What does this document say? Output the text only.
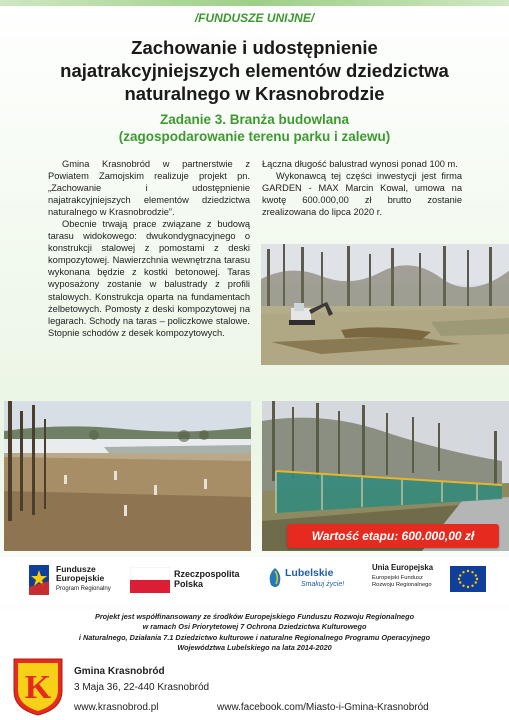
/FUNDUSZE UNIJNE/
Zachowanie i udostępnienie
najatrakcyjniejszych elementów dziedzictwa
naturalnego w Krasnobrodzie
Zadanie 3. Branża budowlana
(zagospodarowanie terenu parku i zalewu)

Gmina Krasnobród w partnerstwie z Powiatem Zamojskim realizuje projekt pn. „Zachowanie i udostępnienie najatrakcyjniejszych elementów dziedzictwa naturalnego w Krasnobrodzie”.

Obecnie trwają prace związane z budową tarasu widokowego: dwukondygnacyjnego o konstrukcji stalowej z pomostami z deski kompozytowej. Nawierzchnia wewnętrzna tarasu wykonana będzie z kostki betonowej. Taras wyposażony zostanie w balustrady z profili stalowych. Konstrukcja oparta na fundamentach żelbetowych. Pomosty z deski kompozytowej na legarach. Schody na taras – policzkowe stalowe. Stopnie schodów z desek kompozytowych.

Łączna długość balustrad wynosi ponad 100 m.

Wykonawcą tej części inwestycji jest firma GARDEN - MAX Marcin Kowal, umowa na kwotę 600.000,00 zł brutto zostanie zrealizowana do lipca 2020 r.

Wartość etapu: 600.000,00 zł
Fundusze
Europejskie
Program Regionalny
Rzeczpospolita
Polska
Lubelskie
Smakuj życie!
Unia Europejska
Europejski Fundusz
Rozwoju Regionalnego
Projekt jest współfinansowany ze środków Europejskiego Funduszu Rozwoju Regionalnego
w ramach Osi Priorytetowej 7 Ochrona Dziedzictwa Kulturowego
i Naturalnego, Działania 7.1 Dziedzictwo kulturowe i naturalne Regionalnego Programu Operacyjnego
Województwa Lubelskiego na lata 2014-2020
K Gmina Krasnobród
3 Maja 36, 22-440 Krasnobród
www.krasnobrod.pl	www.facebook.com/Miasto-i-Gmina-Krasnobród
